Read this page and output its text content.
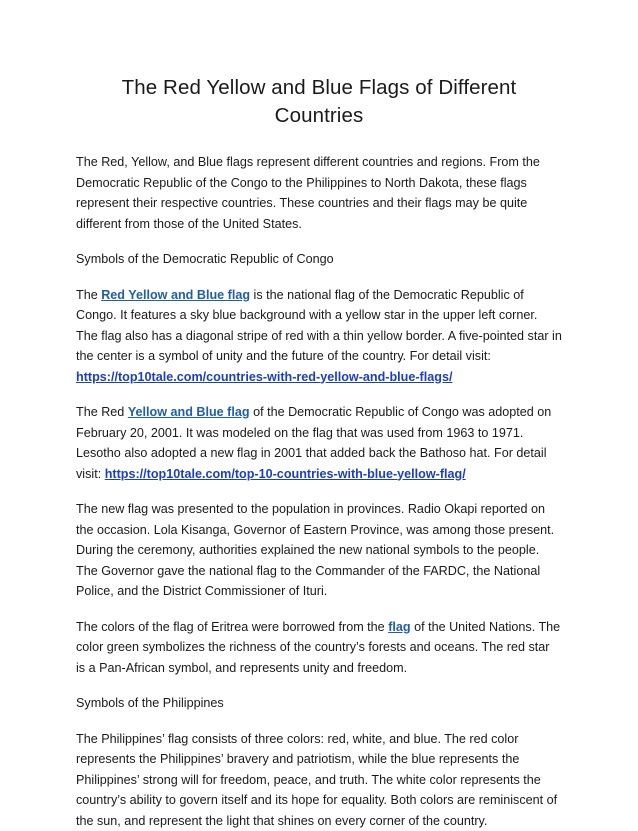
The Red Yellow and Blue Flags of Different Countries

The Red, Yellow, and Blue flags represent different countries and regions. From the Democratic Republic of the Congo to the Philippines to North Dakota, these flags represent their respective countries. These countries and their flags may be quite different from those of the United States.

Symbols of the Democratic Republic of Congo

The Red Yellow and Blue flag is the national flag of the Democratic Republic of Congo. It features a sky blue background with a yellow star in the upper left corner. The flag also has a diagonal stripe of red with a thin yellow border. A five-pointed star in the center is a symbol of unity and the future of the country. For detail visit: https://top10tale.com/countries-with-red-yellow-and-blue-flags/

The Red Yellow and Blue flag of the Democratic Republic of Congo was adopted on February 20, 2001. It was modeled on the flag that was used from 1963 to 1971. Lesotho also adopted a new flag in 2001 that added back the Bathoso hat. For detail visit: https://top10tale.com/top-10-countries-with-blue-yellow-flag/

The new flag was presented to the population in provinces. Radio Okapi reported on the occasion. Lola Kisanga, Governor of Eastern Province, was among those present. During the ceremony, authorities explained the new national symbols to the people. The Governor gave the national flag to the Commander of the FARDC, the National Police, and the District Commissioner of Ituri.

The colors of the flag of Eritrea were borrowed from the flag of the United Nations. The color green symbolizes the richness of the country’s forests and oceans. The red star is a Pan-African symbol, and represents unity and freedom.

Symbols of the Philippines

The Philippines’ flag consists of three colors: red, white, and blue. The red color represents the Philippines’ bravery and patriotism, while the blue represents the Philippines’ strong will for freedom, peace, and truth. The white color represents the country’s ability to govern itself and its hope for equality. Both colors are reminiscent of the sun, and represent the light that shines on every corner of the country.
